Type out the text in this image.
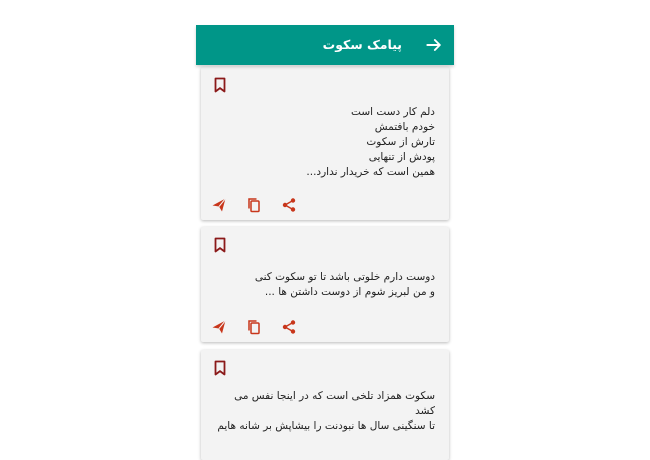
پیامک سکوت
دلم کار دست است
خودم بافتمش
تارش از سکوت
پودش از تنهایی
همین است که خریدار ندارد...

دوست دارم خلوتی باشد تا تو سکوت کنی
و من لبریز شوم از دوست داشتن ها ...

سکوت همزاد تلخی است که در اینجا نفس می کشد
تا سنگینی سال ها نبودنت را بیشاپش بر شانه هایم
